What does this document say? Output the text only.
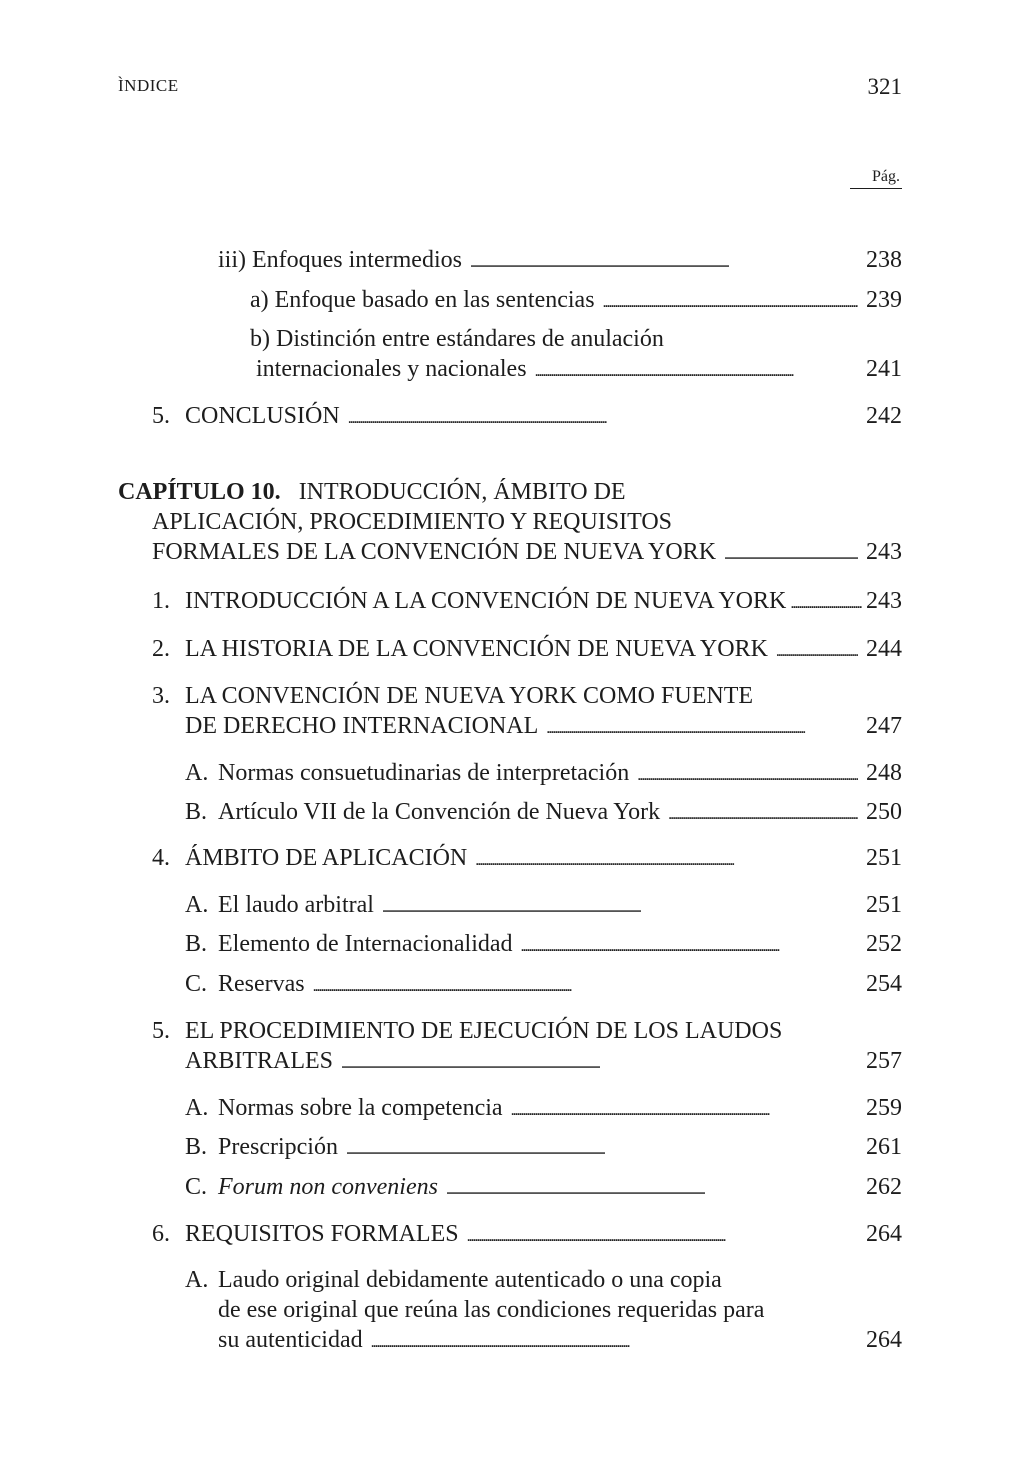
ÌNDICE	321
Pág.
iii) Enfoques intermedios . . .	238
a) Enfoque basado en las sentencias . . .	239
b) Distinción entre estándares de anulación
internacionales y nacionales . . .	241
5. CONCLUSIÓN . . .	242
CAPÍTULO 10. INTRODUCCIÓN, ÁMBITO DE
APLICACIÓN, PROCEDIMIENTO Y REQUISITOS
FORMALES DE LA CONVENCIÓN DE NUEVA YORK . . .	243
1. INTRODUCCIÓN A LA CONVENCIÓN DE NUEVA YORK . . .	243
2. LA HISTORIA DE LA CONVENCIÓN DE NUEVA YORK . . .	244
3. LA CONVENCIÓN DE NUEVA YORK COMO FUENTE
DE DERECHO INTERNACIONAL . . .	247
A. Normas consuetudinarias de interpretación . . .	248
B. Artículo VII de la Convención de Nueva York . . .	250
4. ÁMBITO DE APLICACIÓN . . .	251
A. El laudo arbitral . . .	251
B. Elemento de Internacionalidad . . .	252
C. Reservas . . .	254
5. EL PROCEDIMIENTO DE EJECUCIÓN DE LOS LAUDOS
ARBITRALES . . .	257
A. Normas sobre la competencia . . .	259
B. Prescripción . . .	261
C. Forum non conveniens . . .	262
6. REQUISITOS FORMALES . . .	264
A. Laudo original debidamente autenticado o una copia
de ese original que reúna las condiciones requeridas para
su autenticidad . . .	264
